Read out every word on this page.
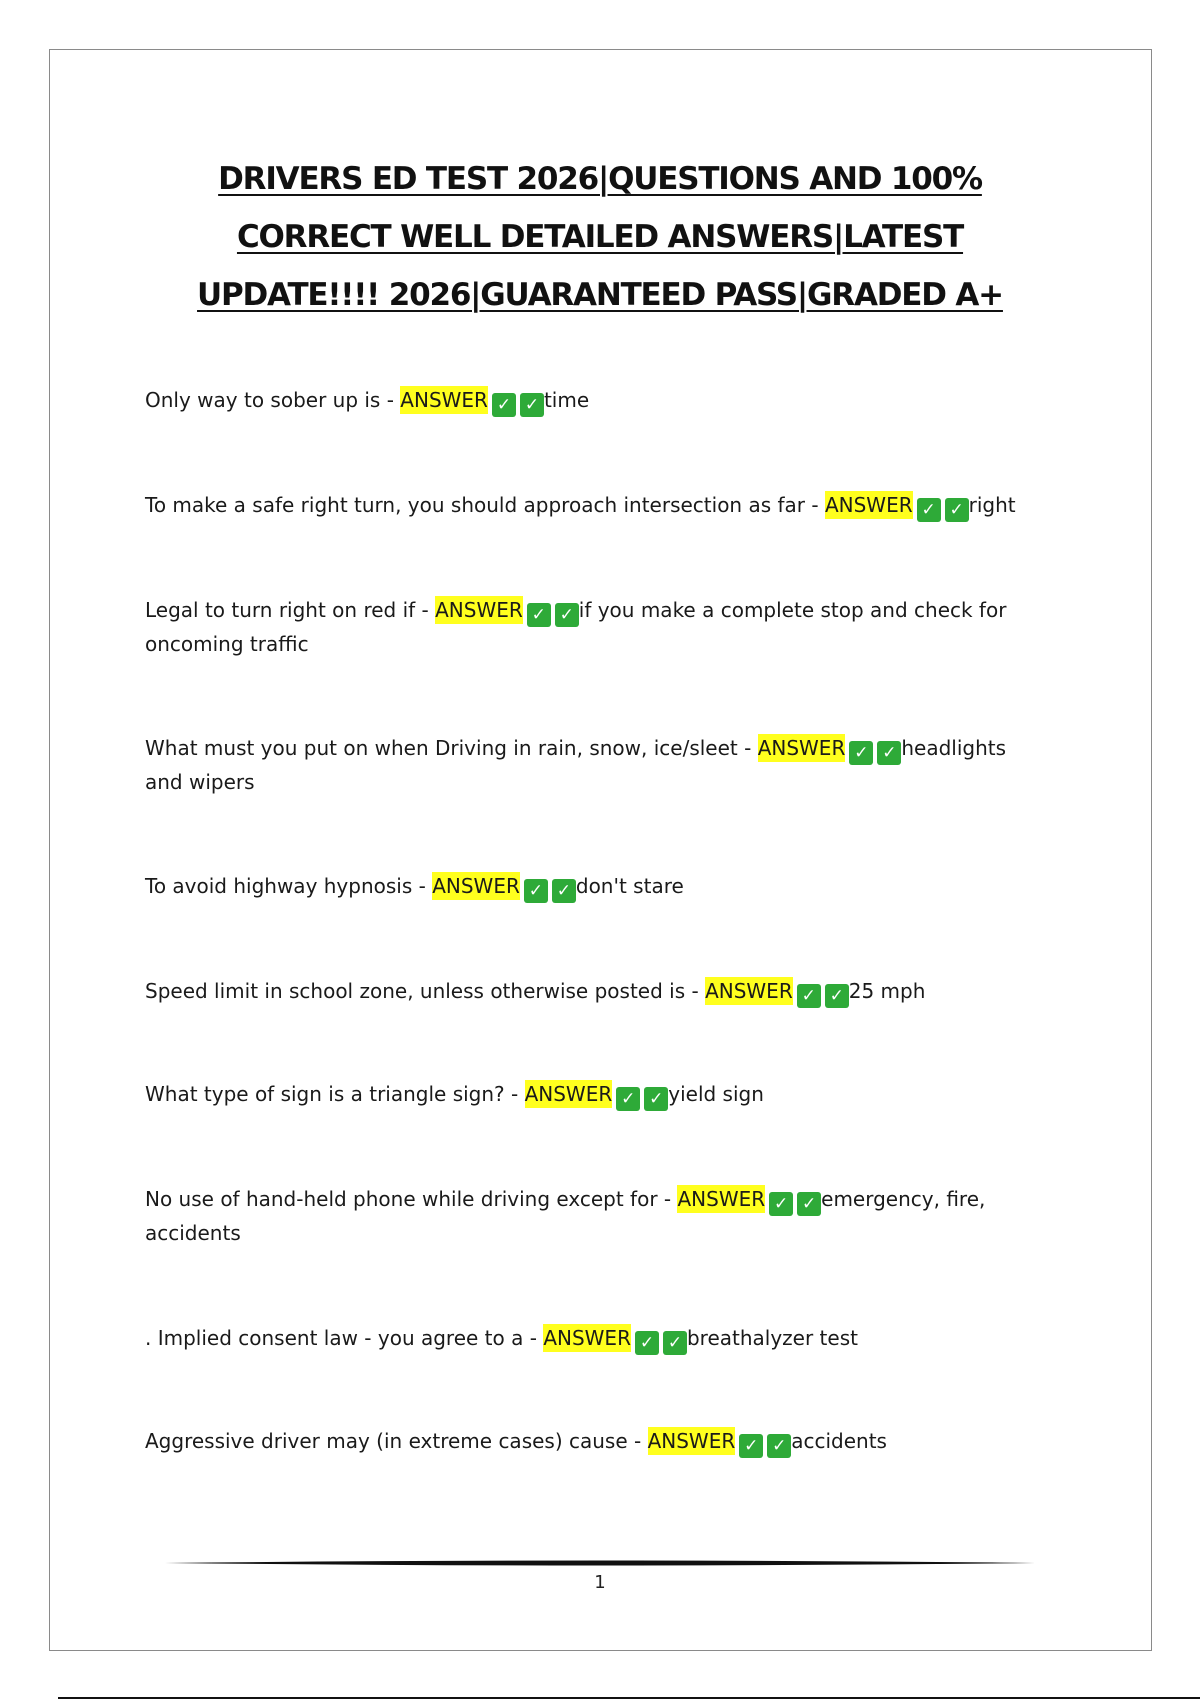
DRIVERS ED TEST 2026|QUESTIONS AND 100%
CORRECT WELL DETAILED ANSWERS|LATEST
UPDATE!!!! 2026|GUARANTEED PASS|GRADED A+
Only way to sober up is - ANSWER ✓ ✓ time
To make a safe right turn, you should approach intersection as far - ANSWER ✓ ✓ right
Legal to turn right on red if - ANSWER ✓ ✓ if you make a complete stop and check for oncoming traffic
What must you put on when Driving in rain, snow, ice/sleet - ANSWER ✓ ✓ headlights and wipers
To avoid highway hypnosis - ANSWER ✓ ✓ don't stare
Speed limit in school zone, unless otherwise posted is - ANSWER ✓ ✓ 25 mph
What type of sign is a triangle sign? - ANSWER ✓ ✓ yield sign
No use of hand-held phone while driving except for - ANSWER ✓ ✓ emergency, fire, accidents
. Implied consent law - you agree to a - ANSWER ✓ ✓ breathalyzer test
Aggressive driver may (in extreme cases) cause - ANSWER ✓ ✓ accidents
1
